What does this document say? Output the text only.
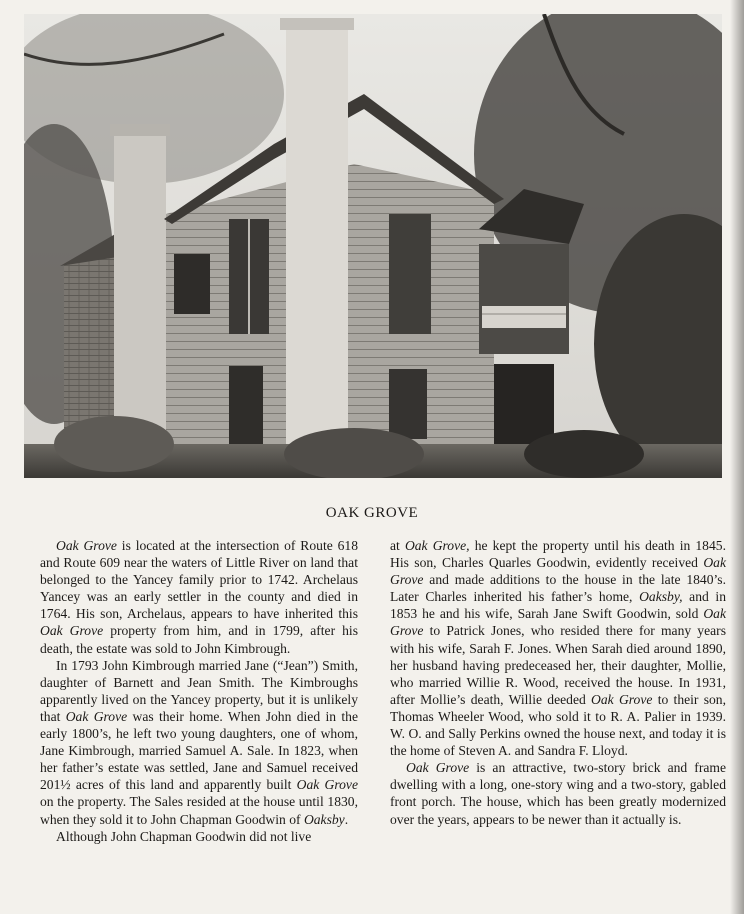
OAK GROVE

Oak Grove is located at the intersection of Route 618 and Route 609 near the waters of Little River on land that belonged to the Yancey family prior to 1742. Archelaus Yancey was an early settler in the county and died in 1764. His son, Archelaus, appears to have inherited this Oak Grove property from him, and in 1799, after his death, the estate was sold to John Kimbrough.

In 1793 John Kimbrough married Jane (“Jean”) Smith, daughter of Barnett and Jean Smith. The Kimbroughs apparently lived on the Yancey property, but it is unlikely that Oak Grove was their home. When John died in the early 1800’s, he left two young daughters, one of whom, Jane Kimbrough, married Samuel A. Sale. In 1823, when her father’s estate was settled, Jane and Samuel received 201½ acres of this land and apparently built Oak Grove on the property. The Sales resided at the house until 1830, when they sold it to John Chapman Goodwin of Oaksby.

Although John Chapman Goodwin did not live

at Oak Grove, he kept the property until his death in 1845. His son, Charles Quarles Goodwin, evidently received Oak Grove and made additions to the house in the late 1840’s. Later Charles inherited his father’s home, Oaksby, and in 1853 he and his wife, Sarah Jane Swift Goodwin, sold Oak Grove to Patrick Jones, who resided there for many years with his wife, Sarah F. Jones. When Sarah died around 1890, her husband having predeceased her, their daughter, Mollie, who married Willie R. Wood, received the house. In 1931, after Mollie’s death, Willie deeded Oak Grove to their son, Thomas Wheeler Wood, who sold it to R. A. Palier in 1939. W. O. and Sally Perkins owned the house next, and today it is the home of Steven A. and Sandra F. Lloyd.

Oak Grove is an attractive, two-story brick and frame dwelling with a long, one-story wing and a two-story, gabled front porch. The house, which has been greatly modernized over the years, appears to be newer than it actually is.
